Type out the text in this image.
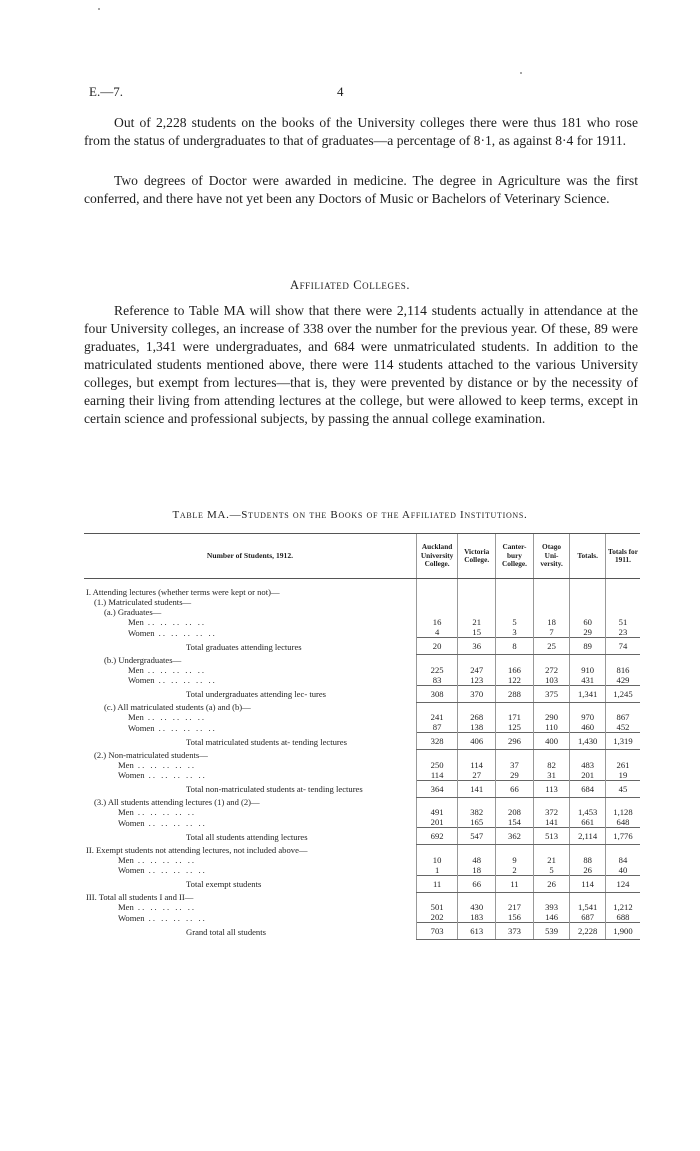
E.—7.	4

Out of 2,228 students on the books of the University colleges there were thus 181 who rose from the status of undergraduates to that of graduates—a percentage of 8·1, as against 8·4 for 1911.

Two degrees of Doctor were awarded in medicine. The degree in Agriculture was the first conferred, and there have not yet been any Doctors of Music or Bachelors of Veterinary Science.

Affiliated Colleges.

Reference to Table MA will show that there were 2,114 students actually in attendance at the four University colleges, an increase of 338 over the number for the previous year. Of these, 89 were graduates, 1,341 were undergraduates, and 684 were unmatriculated students. In addition to the matriculated students mentioned above, there were 114 students attached to the various University colleges, but exempt from lectures—that is, they were prevented by distance or by the necessity of earning their living from attending lectures at the college, but were allowed to keep terms, except in certain science and professional subjects, by passing the annual college examination.

Table MA.—Students on the Books of the Affiliated Institutions.
Number of Students, 1912.	Auckland University College.	Victoria College.	Canter- bury College.	Otago Uni- versity.	Totals.	Totals for 1911.

I. Attending lectures (whether terms were kept or not)—						
(1.) Matriculated students—						
(a.) Graduates—						
Men .. .. .. .. ..	16	21	5	18	60	51
Women .. .. .. .. ..	4	15	3	7	29	23
Total graduates attending lectures	20	36	8	25	89	74
(b.) Undergraduates—						
Men .. .. .. .. ..	225	247	166	272	910	816
Women .. .. .. .. ..	83	123	122	103	431	429
Total undergraduates attending lec- tures	308	370	288	375	1,341	1,245
(c.) All matriculated students (a) and (b)—						
Men .. .. .. .. ..	241	268	171	290	970	867
Women .. .. .. .. ..	87	138	125	110	460	452
Total matriculated students at- tending lectures	328	406	296	400	1,430	1,319
(2.) Non-matriculated students—						
Men .. .. .. .. ..	250	114	37	82	483	261
Women .. .. .. .. ..	114	27	29	31	201	19
Total non-matriculated students at- tending lectures	364	141	66	113	684	45
(3.) All students attending lectures (1) and (2)—						
Men .. .. .. .. ..	491	382	208	372	1,453	1,128
Women .. .. .. .. ..	201	165	154	141	661	648
Total all students attending lectures	692	547	362	513	2,114	1,776
II. Exempt students not attending lectures, not included above—						
Men .. .. .. .. ..	10	48	9	21	88	84
Women .. .. .. .. ..	1	18	2	5	26	40
Total exempt students	11	66	11	26	114	124
III. Total all students I and II—						
Men .. .. .. .. ..	501	430	217	393	1,541	1,212
Women .. .. .. .. ..	202	183	156	146	687	688
Grand total all students	703	613	373	539	2,228	1,900
